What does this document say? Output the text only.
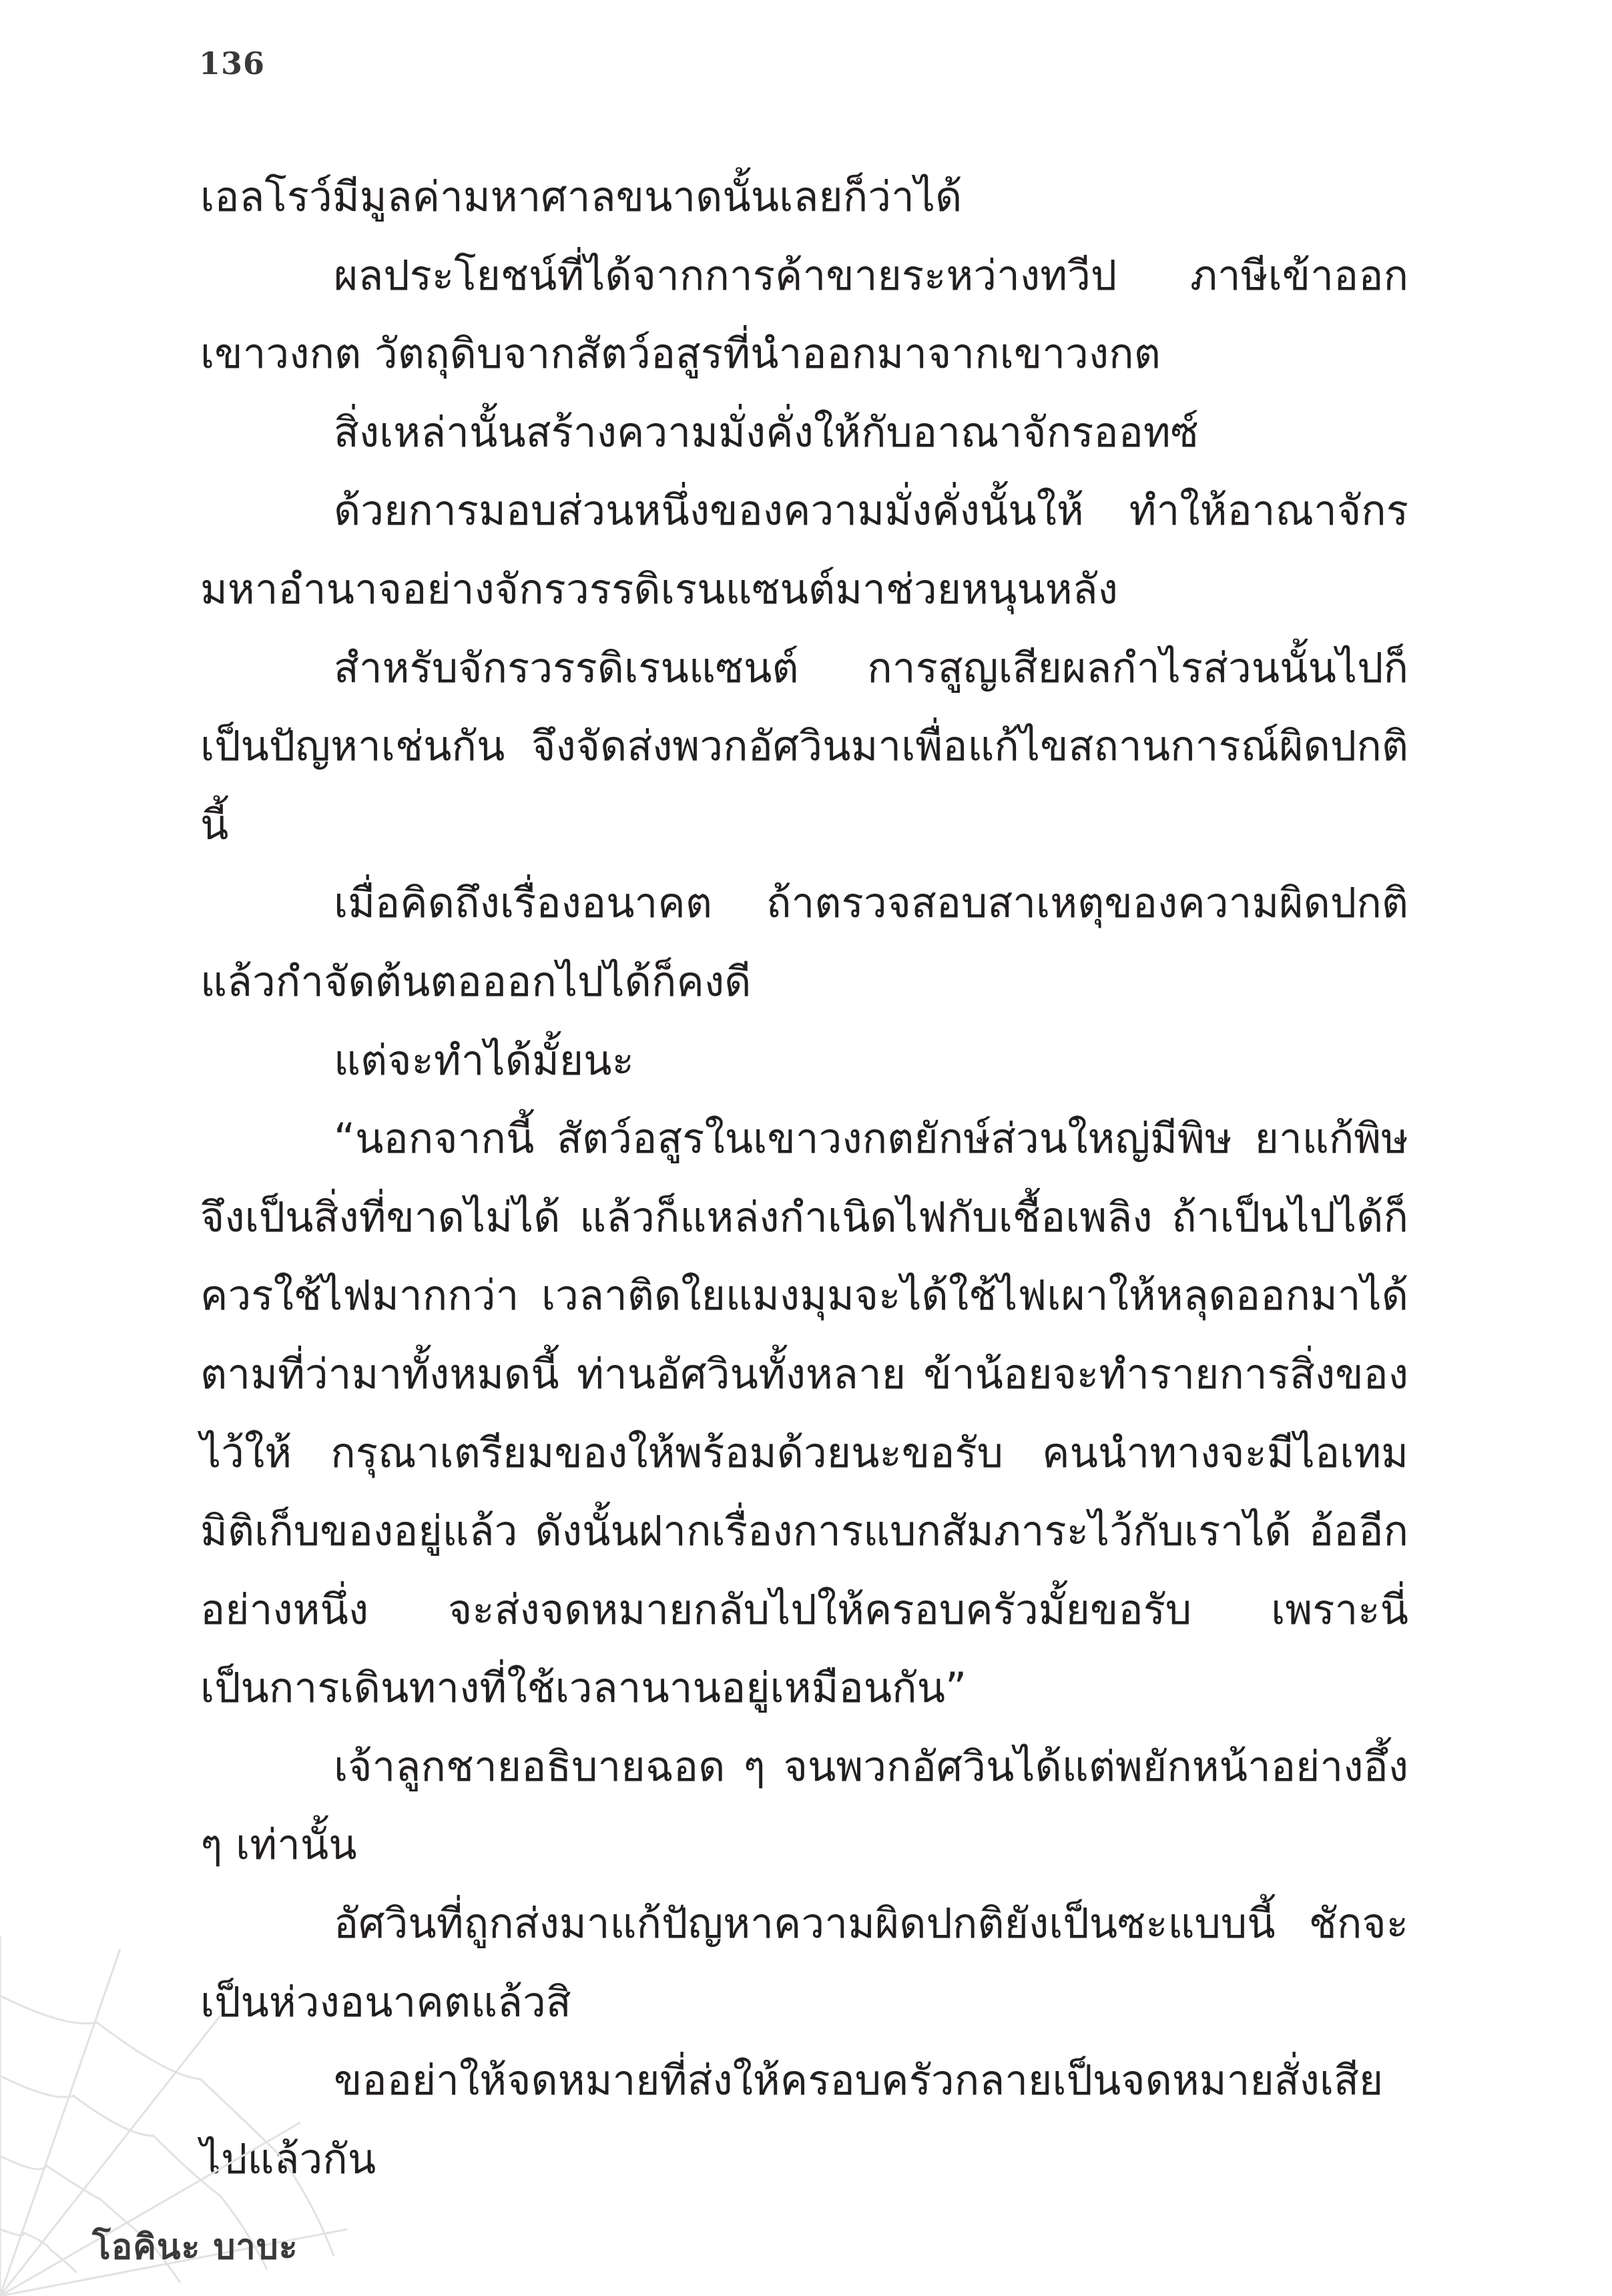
136

เอลโรว์มีมูลค่ามหาศาลขนาดนั้นเลยก็ว่าได้

ผลประโยชน์ที่ได้จากการค้าขายระหว่างทวีป ภาษีเข้าออกเขาวงกต วัตถุดิบจากสัตว์อสูรที่นำออกมาจากเขาวงกต

สิ่งเหล่านั้นสร้างความมั่งคั่งให้กับอาณาจักรออทซ์

ด้วยการมอบส่วนหนึ่งของความมั่งคั่งนั้นให้ ทำให้อาณาจักรมหาอำนาจอย่างจักรวรรดิเรนแซนต์มาช่วยหนุนหลัง

สำหรับจักรวรรดิเรนแซนต์ การสูญเสียผลกำไรส่วนนั้นไปก็เป็นปัญหาเช่นกัน จึงจัดส่งพวกอัศวินมาเพื่อแก้ไขสถานการณ์ผิดปกตินี้

เมื่อคิดถึงเรื่องอนาคต ถ้าตรวจสอบสาเหตุของความผิดปกติแล้วกำจัดต้นตอออกไปได้ก็คงดี

แต่จะทำได้มั้ยนะ

“นอกจากนี้ สัตว์อสูรในเขาวงกตยักษ์ส่วนใหญ่มีพิษ ยาแก้พิษจึงเป็นสิ่งที่ขาดไม่ได้ แล้วก็แหล่งกำเนิดไฟกับเชื้อเพลิง ถ้าเป็นไปได้ก็ควรใช้ไฟมากกว่า เวลาติดใยแมงมุมจะได้ใช้ไฟเผาให้หลุดออกมาได้ ตามที่ว่ามาทั้งหมดนี้ ท่านอัศวินทั้งหลาย ข้าน้อยจะทำรายการสิ่งของไว้ให้ กรุณาเตรียมของให้พร้อมด้วยนะขอรับ คนนำทางจะมีไอเทมมิติเก็บของอยู่แล้ว ดังนั้นฝากเรื่องการแบกสัมภาระไว้กับเราได้ อ้ออีกอย่างหนึ่ง จะส่งจดหมายกลับไปให้ครอบครัวมั้ยขอรับ เพราะนี่เป็นการเดินทางที่ใช้เวลานานอยู่เหมือนกัน”

เจ้าลูกชายอธิบายฉอด ๆ จนพวกอัศวินได้แต่พยักหน้าอย่างอึ้ง ๆ เท่านั้น

อัศวินที่ถูกส่งมาแก้ปัญหาความผิดปกติยังเป็นซะแบบนี้ ชักจะเป็นห่วงอนาคตแล้วสิ

ขออย่าให้จดหมายที่ส่งให้ครอบครัวกลายเป็นจดหมายสั่งเสียไปแล้วกัน

โอคินะ บาบะ
